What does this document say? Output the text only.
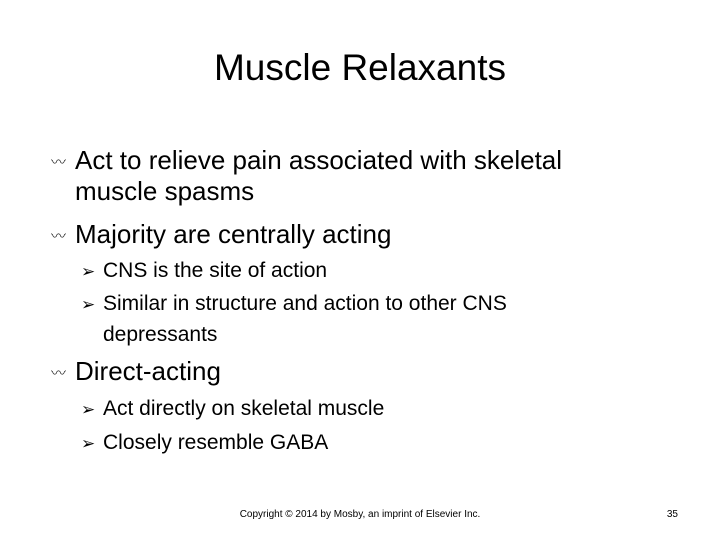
Muscle Relaxants
〰 Act to relieve pain associated with skeletal
muscle spasms
〰 Majority are centrally acting
➢ CNS is the site of action
➢ Similar in structure and action to other CNS depressants
〰 Direct-acting
➢ Act directly on skeletal muscle
➢ Closely resemble GABA
Copyright © 2014 by Mosby, an imprint of Elsevier Inc.	35
